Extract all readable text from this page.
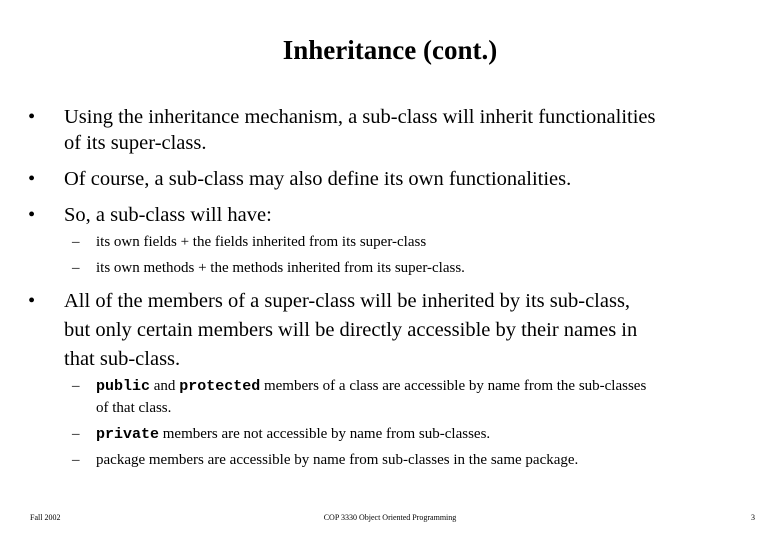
Inheritance (cont.)
• Using the inheritance mechanism, a sub-class will inherit functionalities
of its super-class.
• Of course, a sub-class may also define its own functionalities.
• So, a sub-class will have:
– its own fields + the fields inherited from its super-class
– its own methods + the methods inherited from its super-class.
• All of the members of a super-class will be inherited by its sub-class,
but only certain members will be directly accessible by their names in
that sub-class.
– public and protected members of a class are accessible by name from the sub-classes
of that class.
– private members are not accessible by name from sub-classes.
– package members are accessible by name from sub-classes in the same package.
Fall 2002	COP 3330 Object Oriented Programming	3
